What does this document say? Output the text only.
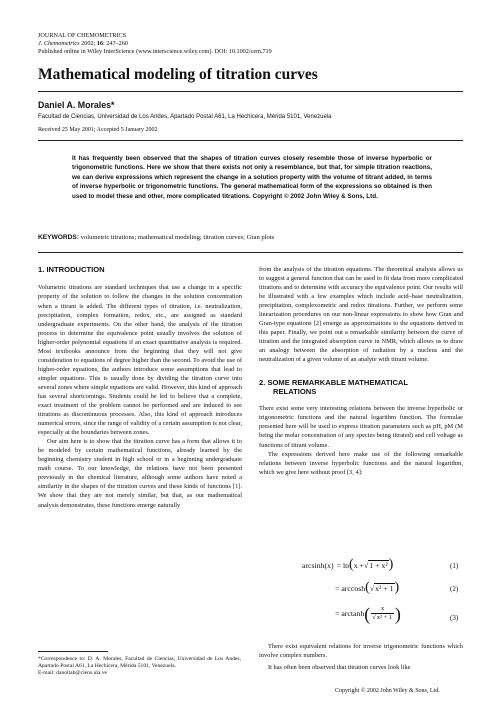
JOURNAL OF CHEMOMETRICS
J. Chemometrics 2002; 16: 247–260
Published online in Wiley InterScience (www.interscience.wiley.com). DOI: 10.1002/cem.719
Mathematical modeling of titration curves
Daniel A. Morales*
Facultad de Ciencias, Universidad de Los Andes, Apartado Postal A61, La Hechicera, Mérida 5101, Venezuela
Received 25 May 2001; Accepted 5 January 2002
It has frequently been observed that the shapes of titration curves closely resemble those of inverse hyperbolic or trigonometric functions. Here we show that there exists not only a resemblance, but that, for simple titration reactions, we can derive expressions which represent the change in a solution property with the volume of titrant added, in terms of inverse hyperbolic or trigonometric functions. The general mathematical form of the expressions so obtained is then used to model these and other, more complicated titrations. Copyright © 2002 John Wiley & Sons, Ltd.
KEYWORDS: volumetric titrations; mathematical modeling; titration curves; Gran plots
1. INTRODUCTION

Volumetric titrations are standard techniques that use a change in a specific property of the solution to follow the changes in the solution concentration when a titrant is added. The different types of titration, i.e. neutralization, precipitation, complex formation, redox, etc., are assigned as standard undergraduate experiments. On the other hand, the analysis of the titration process to determine the equivalence point usually involves the solution of higher-order polynomial equations if an exact quantitative analysis is required. Most textbooks announce from the beginning that they will not give consideration to equations of degree higher than the second. To avoid the use of higher-order equations, the authors introduce some assumptions that lead to simpler equations. This is usually done by dividing the titration curve into several zones where simple equations are valid. However, this kind of approach has several shortcomings. Students could be led to believe that a complete, exact treatment of the problem cannot be performed and are induced to see titrations as discontinuous processes. Also, this kind of approach introduces numerical errors, since the range of validity of a certain assumption is not clear, especially at the boundaries between zones.

Our aim here is to show that the titration curve has a form that allows it to be modeled by certain mathematical functions, already learned by the beginning chemistry student in high school or in a beginning undergraduate math course. To our knowledge, the relations have not been presented previously in the chemical literature, although some authors have noted a similarity in the shapes of the titration curves and these kinds of functions [1]. We show that they are not merely similar, but that, as our mathematical analysis demonstrates, these functions emerge naturally

from the analysis of the titration equations. The theoretical analysis allows us to suggest a general function that can be used to fit data from more complicated titrations and to determine with accuracy the equivalence point. Our results will be illustrated with a few examples which include acid–base neutralization, precipitation, complexometric and redox titrations. Further, we perform some linearization procedures on our non-linear expressions to show how Gran and Gran-type equations [2] emerge as approximations to the equations derived in this paper. Finally, we point out a remarkable similarity between the curve of titration and the integrated absorption curve in NMR, which allows us to draw an analogy between the absorption of radiation by a nucleus and the neutralization of a given volume of an analyte with titrant volume.

2. SOME REMARKABLE MATHEMATICAL
RELATIONS

There exist some very interesting relations between the inverse hyperbolic or trigonometric functions and the natural logarithm function. The formulae presented here will be used to express titration parameters such as pH, pM (M being the molar concentration of any species being titrated) and cell voltage as functions of titrant volume.

The expressions derived here make use of the following remarkable relations between inverse hyperbolic functions and the natural logarithm, which we give here without proof [3, 4]:

arcsinh(x) = ln ( x + √ 1 + x² )	(1)
= arccosh ( √ x² + 1 )	(2)
= arctanh ( $\frac{x}{\text{√x² + 1}}$ )	(3)

There exist equivalent relations for inverse trigonometric functions which involve complex numbers.

It has often been observed that titration curves look like

*Correspondence to: D. A. Morales, Facultad de Ciencias, Universidad de Los Andes, Apartado Postal A61, La Hechicera, Mérida 5101, Venezuela.
E-mail: danoltab@ciens.ula.ve
Copyright © 2002 John Wiley & Sons, Ltd.
